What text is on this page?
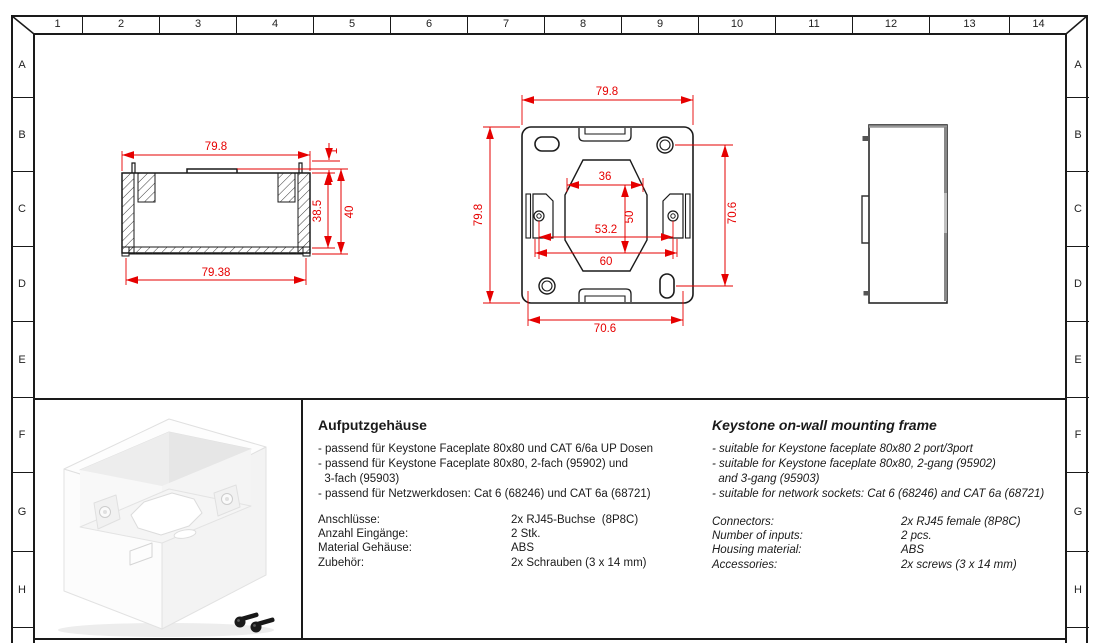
1	2	3	4	5	6	7	8	9	10	11	12	13	14
A
B
C
D
E
F
G
H
A
B
C
D
E
F
G
H
79.8	1
38.5 40
79.38
79.8
79.8	70.6
70.6
36
50
53.2
60
Aufputzgehäuse
- passend für Keystone Faceplate 80x80 und CAT 6/6a UP Dosen
- passend für Keystone Faceplate 80x80, 2-fach (95902) und
3-fach (95903)
- passend für Netzwerkdosen: Cat 6 (68246) und CAT 6a (68721)
Anschlüsse:	2x RJ45-Buchse  (8P8C)
Anzahl Eingänge:	2 Stk.
Material Gehäuse:	ABS
Zubehör:	2x Schrauben (3 x 14 mm)
Keystone on-wall mounting frame
- suitable for Keystone faceplate 80x80 2 port/3port
- suitable for Keystone faceplate 80x80, 2-gang (95902)
and 3-gang (95903)
- suitable for network sockets: Cat 6 (68246) and CAT 6a (68721)
Connectors:	2x RJ45 female (8P8C)
Number of inputs:	2 pcs.
Housing material:	ABS
Accessories:	2x screws (3 x 14 mm)
